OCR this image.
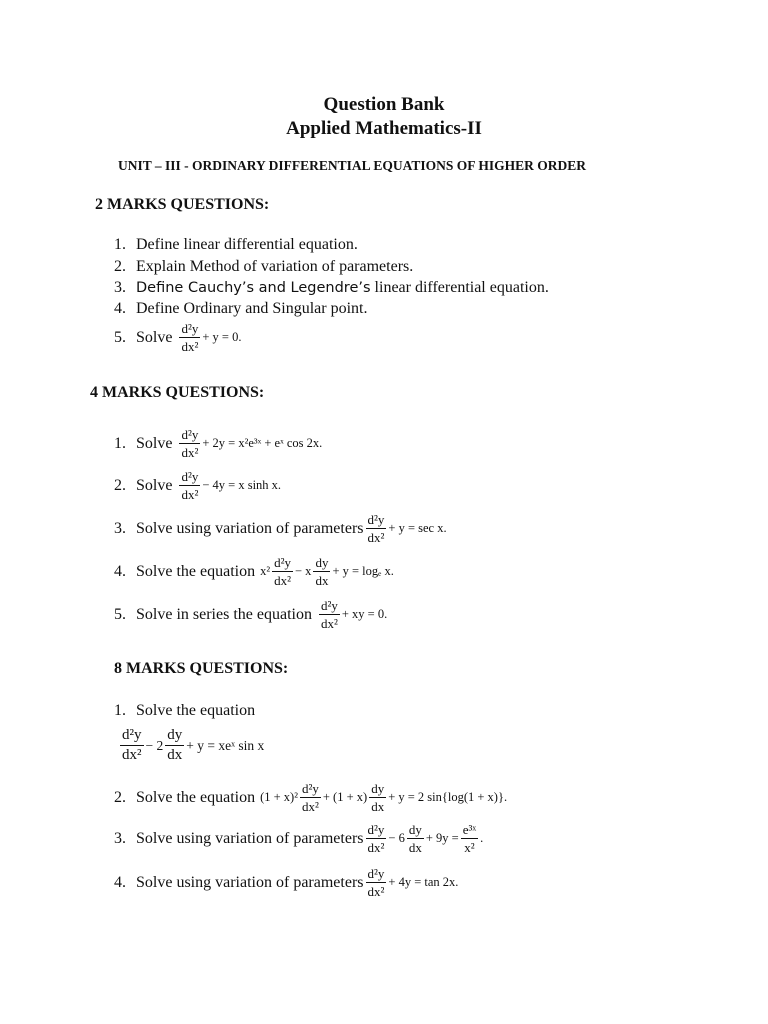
Question Bank
Applied Mathematics-II
UNIT – III - ORDINARY DIFFERENTIAL EQUATIONS OF HIGHER ORDER
2 MARKS QUESTIONS:
1. Define linear differential equation.
2. Explain Method of variation of parameters.
3. Define Cauchy’s and Legendre’s
linear differential equation.
4. Define Ordinary and Singular point.
5. Solve $\frac{\text{d²y}}{\text{dx²}} + y = 0$.
4 MARKS QUESTIONS:
1. Solve $\frac{\text{d²y}}{\text{dx²}} + 2y$ = x²e³ˣ + eˣ cos 2x.
2. Solve $\frac{\text{d²y}}{\text{dx²}} - 4y = x$ sinh x.
3. Solve using variation of parameters $\frac{\text{d²y}}{\text{dx²}} + y = \sec x$.
4. Solve the equation $x^2 \frac{\text{d²y}}{\text{dx²}} - x \frac{dy}{dx} + y = \log_e$ x.
5. Solve in series the equation $\frac{\text{d²y}}{\text{dx²}}$ + xy = 0.
8 MARKS QUESTIONS:
1. Solve the equation
$\frac{\text{d²y}}{\text{dx²}} - 2 \frac{dy}{dx} + y$ = xeˣ sin x
2. Solve the equation $(1 + x)^2 \frac{\text{d²y}}{\text{dx²}} + (1 + x) \frac{dy}{dx} + y = 2$ sin{log(1 + x)}.
3. Solve using variation of parameters $\frac{\text{d²y}}{\text{dx²}} - 6 \frac{dy}{dx} + 9y = \frac{\text{e³ˣ}}{\text{x²}}$ .
4. Solve using variation of parameters $\frac{\text{d²y}}{\text{dx²}} + 4y = \tan 2x$.
